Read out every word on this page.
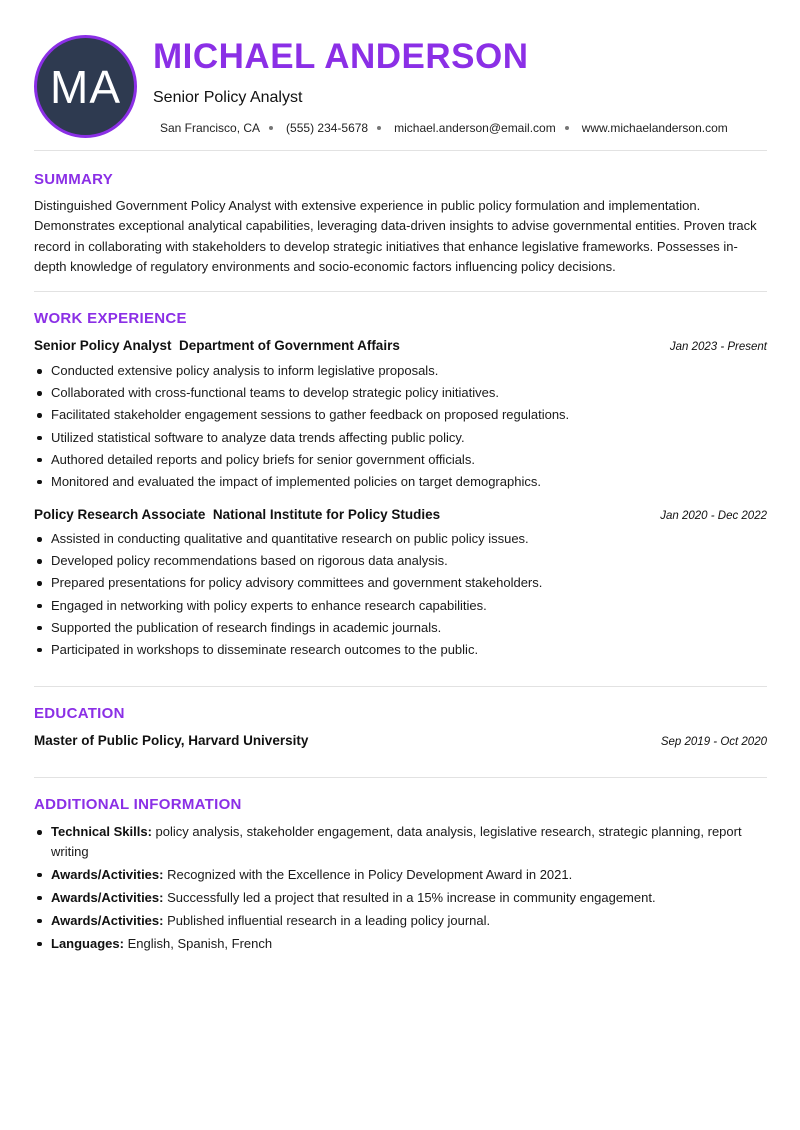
MA
MICHAEL ANDERSON
Senior Policy Analyst
San Francisco, CA (555) 234-5678 michael.anderson@email.com www.michaelanderson.com
SUMMARY
Distinguished Government Policy Analyst with extensive experience in public policy formulation and implementation. Demonstrates exceptional analytical capabilities, leveraging data-driven insights to advise governmental entities. Proven track record in collaborating with stakeholders to develop strategic initiatives that enhance legislative frameworks. Possesses in-depth knowledge of regulatory environments and socio-economic factors influencing policy decisions.
WORK EXPERIENCE
Senior Policy Analyst  Department of Government Affairs	Jan 2023 - Present
Conducted extensive policy analysis to inform legislative proposals.
Collaborated with cross-functional teams to develop strategic policy initiatives.
Facilitated stakeholder engagement sessions to gather feedback on proposed regulations.
Utilized statistical software to analyze data trends affecting public policy.
Authored detailed reports and policy briefs for senior government officials.
Monitored and evaluated the impact of implemented policies on target demographics.
Policy Research Associate  National Institute for Policy Studies	Jan 2020 - Dec 2022
Assisted in conducting qualitative and quantitative research on public policy issues.
Developed policy recommendations based on rigorous data analysis.
Prepared presentations for policy advisory committees and government stakeholders.
Engaged in networking with policy experts to enhance research capabilities.
Supported the publication of research findings in academic journals.
Participated in workshops to disseminate research outcomes to the public.
EDUCATION
Master of Public Policy, Harvard University	Sep 2019 - Oct 2020
ADDITIONAL INFORMATION
Technical Skills: policy analysis, stakeholder engagement, data analysis, legislative research, strategic planning, report writing
Awards/Activities: Recognized with the Excellence in Policy Development Award in 2021.
Awards/Activities: Successfully led a project that resulted in a 15% increase in community engagement.
Awards/Activities: Published influential research in a leading policy journal.
Languages: English, Spanish, French
